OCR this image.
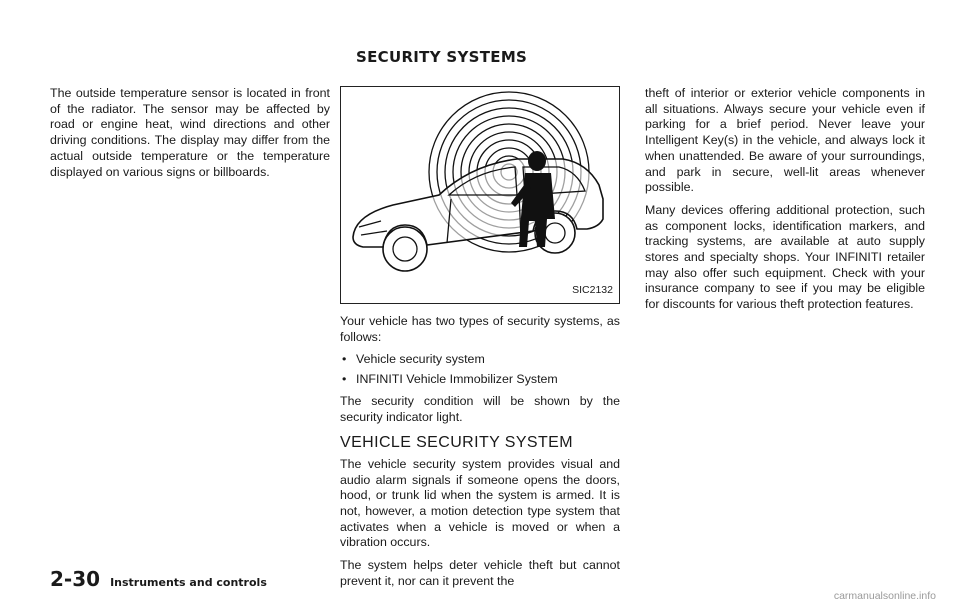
SECURITY SYSTEMS

The outside temperature sensor is located in front of the radiator. The sensor may be affected by road or engine heat, wind directions and other driving conditions. The display may differ from the actual outside temperature or the temperature displayed on various signs or billboards.

SIC2132

Your vehicle has two types of security systems, as follows:

• Vehicle security system
• INFINITI Vehicle Immobilizer System

The security condition will be shown by the security indicator light.

VEHICLE SECURITY SYSTEM

The vehicle security system provides visual and audio alarm signals if someone opens the doors, hood, or trunk lid when the system is armed. It is not, however, a motion detection type system that activates when a vehicle is moved or when a vibration occurs.

The system helps deter vehicle theft but cannot prevent it, nor can it prevent the

theft of interior or exterior vehicle components in all situations. Always secure your vehicle even if parking for a brief period. Never leave your Intelligent Key(s) in the vehicle, and always lock it when unattended. Be aware of your surroundings, and park in secure, well-lit areas whenever possible.

Many devices offering additional protection, such as component locks, identification markers, and tracking systems, are available at auto supply stores and specialty shops. Your INFINITI retailer may also offer such equipment. Check with your insurance company to see if you may be eligible for discounts for various theft protection features.

2-30 Instruments and controls
carmanualsonline.info
